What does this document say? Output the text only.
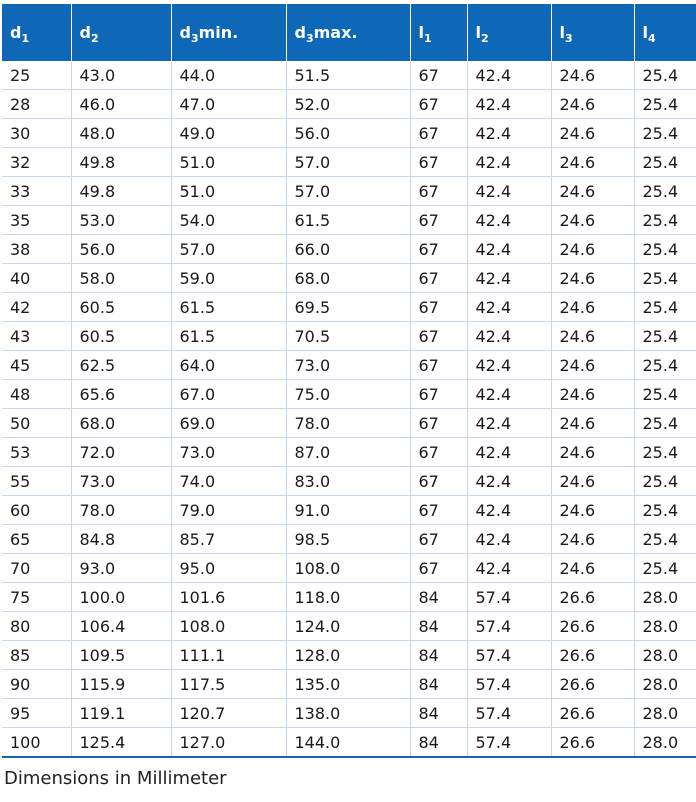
$d_1$	$d_2$	$d_3\min$.	$d_3\max$.	$l_1$	$l_2$	$l_3$	$l_4$
25	43.0	44.0	51.5	67	42.4	24.6	25.4
28	46.0	47.0	52.0	67	42.4	24.6	25.4
30	48.0	49.0	56.0	67	42.4	24.6	25.4
32	49.8	51.0	57.0	67	42.4	24.6	25.4
33	49.8	51.0	57.0	67	42.4	24.6	25.4
35	53.0	54.0	61.5	67	42.4	24.6	25.4
38	56.0	57.0	66.0	67	42.4	24.6	25.4
40	58.0	59.0	68.0	67	42.4	24.6	25.4
42	60.5	61.5	69.5	67	42.4	24.6	25.4
43	60.5	61.5	70.5	67	42.4	24.6	25.4
45	62.5	64.0	73.0	67	42.4	24.6	25.4
48	65.6	67.0	75.0	67	42.4	24.6	25.4
50	68.0	69.0	78.0	67	42.4	24.6	25.4
53	72.0	73.0	87.0	67	42.4	24.6	25.4
55	73.0	74.0	83.0	67	42.4	24.6	25.4
60	78.0	79.0	91.0	67	42.4	24.6	25.4
65	84.8	85.7	98.5	67	42.4	24.6	25.4
70	93.0	95.0	108.0	67	42.4	24.6	25.4
75	100.0	101.6	118.0	84	57.4	26.6	28.0
80	106.4	108.0	124.0	84	57.4	26.6	28.0
85	109.5	111.1	128.0	84	57.4	26.6	28.0
90	115.9	117.5	135.0	84	57.4	26.6	28.0
95	119.1	120.7	138.0	84	57.4	26.6	28.0
100	125.4	127.0	144.0	84	57.4	26.6	28.0
Dimensions in Millimeter
